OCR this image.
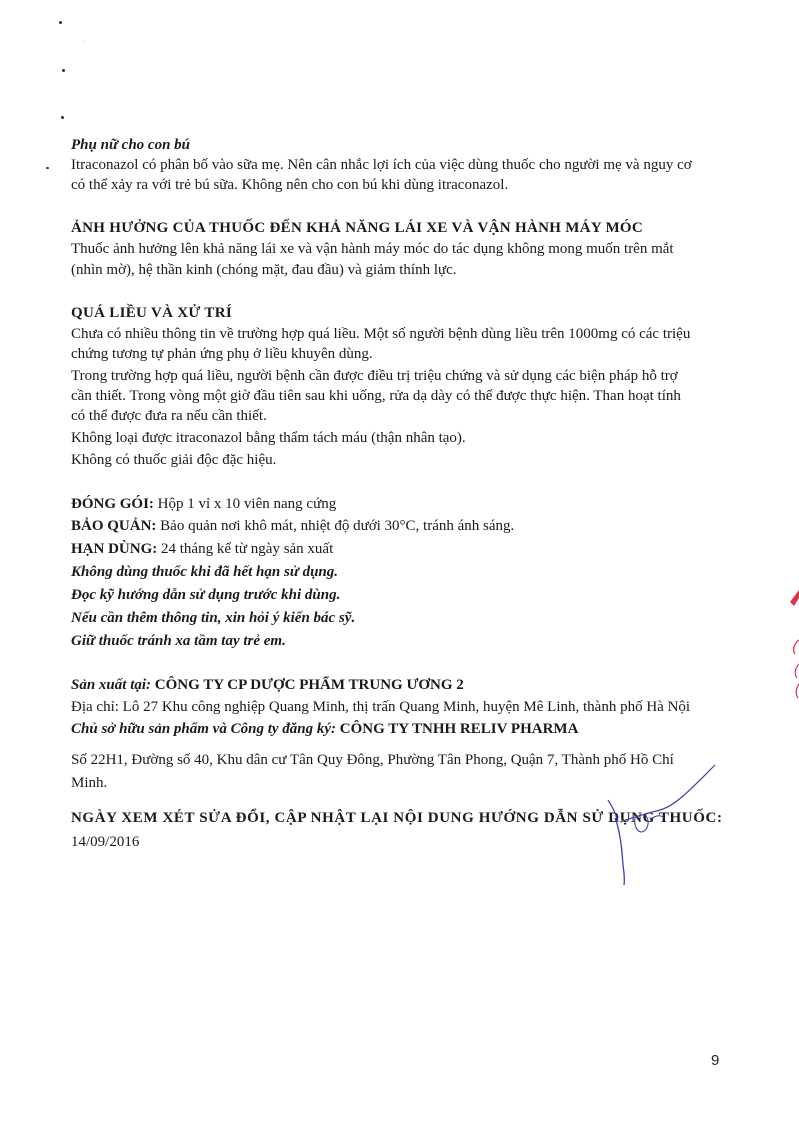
Phụ nữ cho con bú
Itraconazol có phân bố vào sữa mẹ. Nên cân nhắc lợi ích của việc dùng thuốc cho người mẹ và nguy cơ
có thể xảy ra với trẻ bú sữa. Không nên cho con bú khi dùng itraconazol.
ẢNH HƯỞNG CỦA THUỐC ĐẾN KHẢ NĂNG LÁI XE VÀ VẬN HÀNH MÁY MÓC
Thuốc ảnh hưởng lên khả năng lái xe và vận hành máy móc do tác dụng không mong muốn trên mắt
(nhìn mờ), hệ thần kinh (chóng mặt, đau đầu) và giảm thính lực.
QUÁ LIỀU VÀ XỬ TRÍ
Chưa có nhiều thông tin về trường hợp quá liều. Một số người bệnh dùng liều trên 1000mg có các triệu
chứng tương tự phản ứng phụ ở liều khuyên dùng.
Trong trường hợp quá liều, người bệnh cần được điều trị triệu chứng và sử dụng các biện pháp hỗ trợ
cần thiết. Trong vòng một giờ đầu tiên sau khi uống, rửa dạ dày có thể được thực hiện. Than hoạt tính
có thể được đưa ra nếu cần thiết.
Không loại được itraconazol bằng thẩm tách máu (thận nhân tạo).
Không có thuốc giải độc đặc hiệu.
ĐÓNG GÓI: Hộp 1 vỉ x 10 viên nang cứng
BẢO QUẢN: Bảo quản nơi khô mát, nhiệt độ dưới 30°C, tránh ánh sáng.
HẠN DÙNG: 24 tháng kể từ ngày sản xuất
Không dùng thuốc khi đã hết hạn sử dụng.
Đọc kỹ hướng dẫn sử dụng trước khi dùng.
Nếu cần thêm thông tin, xin hỏi ý kiến bác sỹ.
Giữ thuốc tránh xa tầm tay trẻ em.
Sản xuất tại: CÔNG TY CP DƯỢC PHẨM TRUNG ƯƠNG 2
Địa chỉ: Lô 27 Khu công nghiệp Quang Minh, thị trấn Quang Minh, huyện Mê Linh, thành phố Hà Nội
Chủ sở hữu sản phẩm và Công ty đăng ký: CÔNG TY TNHH RELIV PHARMA
Số 22H1, Đường số 40, Khu dân cư Tân Quy Đông, Phường Tân Phong, Quận 7, Thành phố Hồ Chí
Minh.
NGÀY XEM XÉT SỬA ĐỔI, CẬP NHẬT LẠI NỘI DUNG HƯỚNG DẪN SỬ DỤNG THUỐC:
14/09/2016
9
